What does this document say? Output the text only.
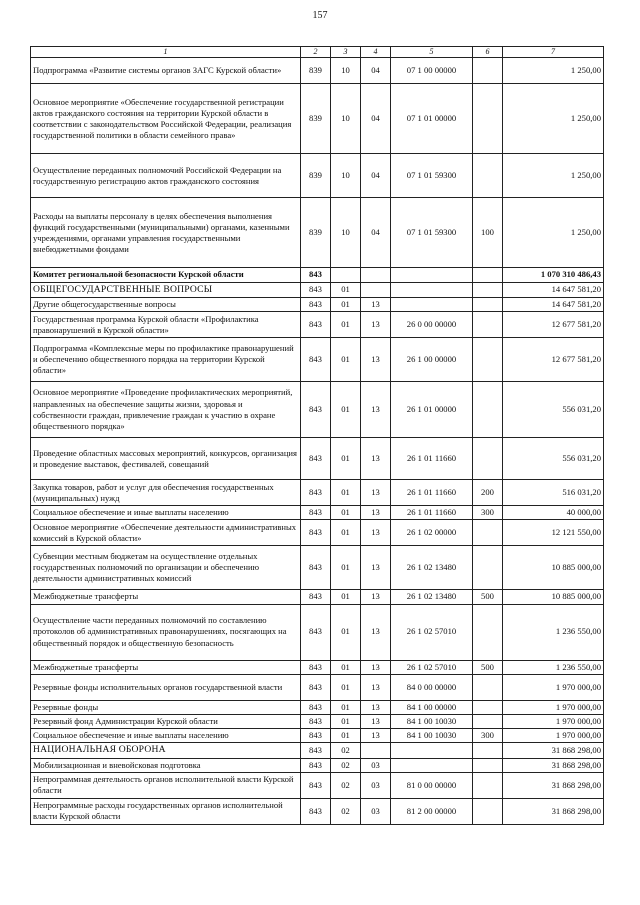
157
1	2	3	4	5	6	7
Подпрограмма «Развитие системы органов ЗАГС Курской области»	839	10	04	07 1 00 00000		1 250,00
Основное мероприятие «Обеспечение государственной регистрации актов гражданского состояния на территории Курской области в соответствии с законодательством Российской Федерации, реализация государственной политики в области семейного права»	839	10	04	07 1 01 00000		1 250,00
Осуществление переданных полномочий Российской Федерации на государственную регистрацию актов гражданского состояния	839	10	04	07 1 01 59300		1 250,00
Расходы на выплаты персоналу в целях обеспечения выполнения функций государственными (муниципальными) органами, казенными учреждениями, органами управления государственными внебюджетными фондами	839	10	04	07 1 01 59300	100	1 250,00
Комитет региональной безопасности Курской области	843					1 070 310 486,43
ОБЩЕГОСУДАРСТВЕННЫЕ ВОПРОСЫ	843	01				14 647 581,20
Другие общегосударственные вопросы	843	01	13			14 647 581,20
Государственная программа Курской области «Профилактика правонарушений в Курской области»	843	01	13	26 0 00 00000		12 677 581,20
Подпрограмма «Комплексные меры по профилактике правонарушений и обеспечению общественного порядка на территории Курской области»	843	01	13	26 1 00 00000		12 677 581,20
Основное мероприятие «Проведение профилактических мероприятий, направленных на обеспечение защиты жизни, здоровья и собственности граждан, привлечение граждан к участию в охране общественного порядка»	843	01	13	26 1 01 00000		556 031,20
Проведение областных массовых мероприятий, конкурсов, организация и проведение выставок, фестивалей, совещаний	843	01	13	26 1 01 11660		556 031,20
Закупка товаров, работ и услуг для обеспечения государственных (муниципальных) нужд	843	01	13	26 1 01 11660	200	516 031,20
Социальное обеспечение и иные выплаты населению	843	01	13	26 1 01 11660	300	40 000,00
Основное мероприятие «Обеспечение деятельности административных комиссий в Курской области»	843	01	13	26 1 02 00000		12 121 550,00
Субвенции местным бюджетам на осуществление отдельных государственных полномочий по организации и обеспечению деятельности административных комиссий	843	01	13	26 1 02 13480		10 885 000,00
Межбюджетные трансферты	843	01	13	26 1 02 13480	500	10 885 000,00
Осуществление части переданных полномочий по составлению протоколов об административных правонарушениях, посягающих на общественный порядок и общественную безопасность	843	01	13	26 1 02 57010		1 236 550,00
Межбюджетные трансферты	843	01	13	26 1 02 57010	500	1 236 550,00
Резервные фонды исполнительных органов государственной власти	843	01	13	84 0 00 00000		1 970 000,00
Резервные фонды	843	01	13	84 1 00 00000		1 970 000,00
Резервный фонд Администрации Курской области	843	01	13	84 1 00 10030		1 970 000,00
Социальное обеспечение и иные выплаты населению	843	01	13	84 1 00 10030	300	1 970 000,00
НАЦИОНАЛЬНАЯ ОБОРОНА	843	02				31 868 298,00
Мобилизационная и вневойсковая подготовка	843	02	03			31 868 298,00
Непрограммная деятельность органов исполнительной власти Курской области	843	02	03	81 0 00 00000		31 868 298,00
Непрограммные расходы государственных органов исполнительной власти Курской области	843	02	03	81 2 00 00000		31 868 298,00
